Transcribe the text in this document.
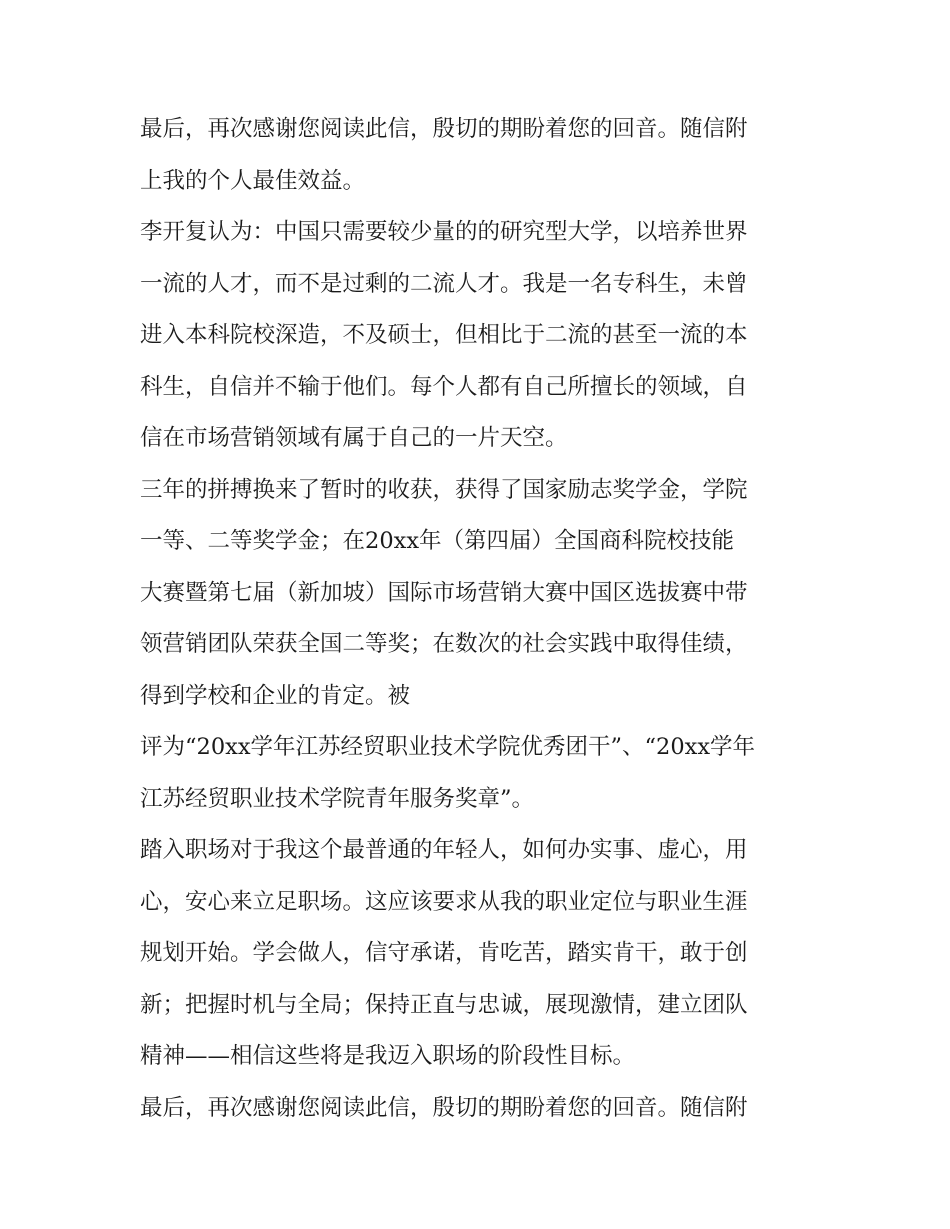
最后，再次感谢您阅读此信，殷切的期盼着您的回音。随信附
上我的个人最佳效益。
李开复认为：中国只需要较少量的的研究型大学，以培养世界
一流的人才，而不是过剩的二流人才。我是一名专科生，未曾
进入本科院校深造，不及硕士，但相比于二流的甚至一流的本
科生，自信并不输于他们。每个人都有自己所擅长的领域，自
信在市场营销领域有属于自己的一片天空。
三年的拼搏换来了暂时的收获，获得了国家励志奖学金，学院
一等、二等奖学金；在20xx年（第四届）全国商科院校技能
大赛暨第七届（新加坡）国际市场营销大赛中国区选拔赛中带
领营销团队荣获全国二等奖；在数次的社会实践中取得佳绩，
得到学校和企业的肯定。被
评为“20xx学年江苏经贸职业技术学院优秀团干”、“20xx学年
江苏经贸职业技术学院青年服务奖章”。
踏入职场对于我这个最普通的年轻人，如何办实事、虚心，用
心，安心来立足职场。这应该要求从我的职业定位与职业生涯
规划开始。学会做人，信守承诺，肯吃苦，踏实肯干，敢于创
新；把握时机与全局；保持正直与忠诚，展现激情，建立团队
精神——相信这些将是我迈入职场的阶段性目标。
最后，再次感谢您阅读此信，殷切的期盼着您的回音。随信附
